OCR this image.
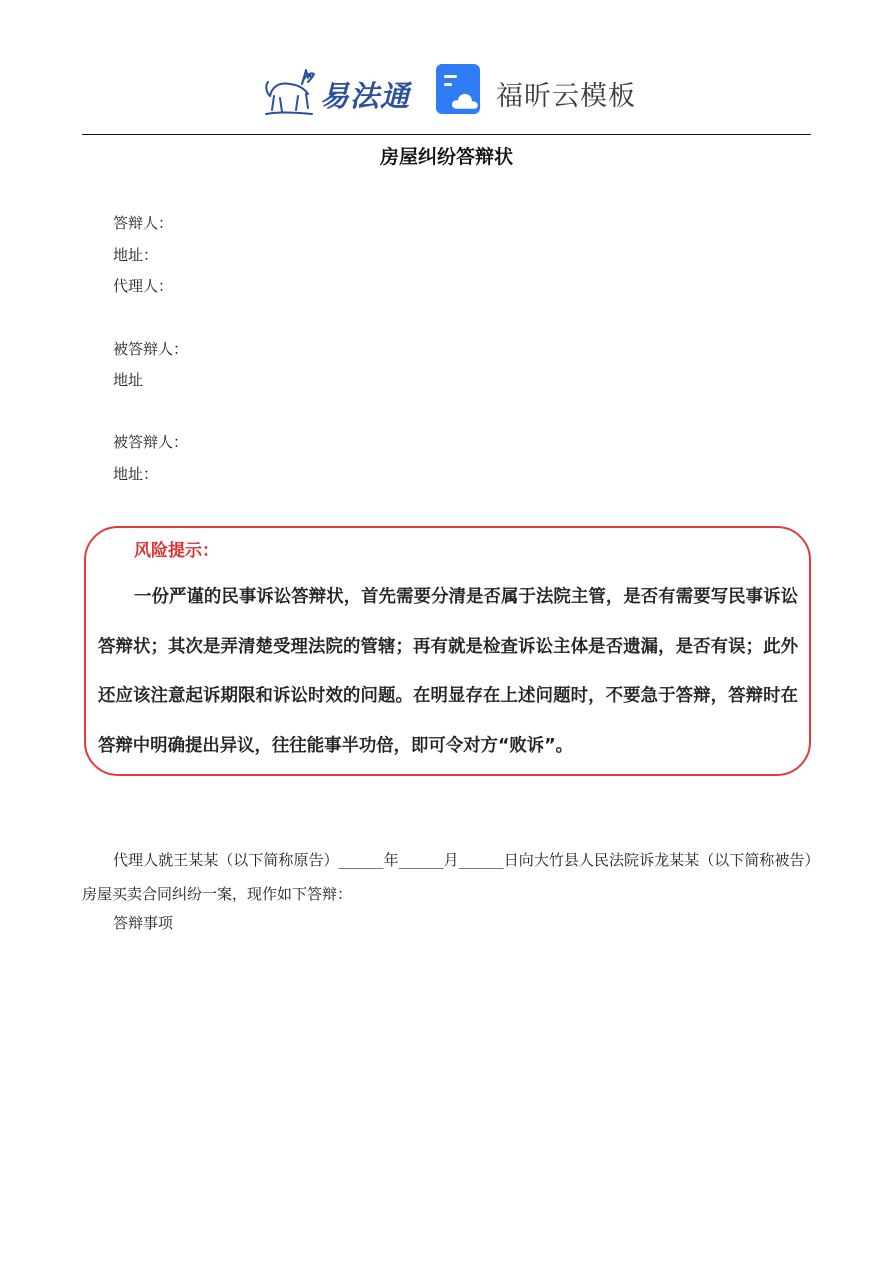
易法通	福昕云模板
房屋纠纷答辩状
答辩人：
地址：
代理人：
被答辩人：
地址
被答辩人：
地址：
风险提示：

一份严谨的民事诉讼答辩状，首先需要分清是否属于法院主管，是否有需要写民事诉讼答辩状；其次是弄清楚受理法院的管辖；再有就是检查诉讼主体是否遗漏，是否有误；此外还应该注意起诉期限和诉讼时效的问题。在明显存在上述问题时，不要急于答辩，答辩时在答辩中明确提出异议，往往能事半功倍，即可令对方“败诉”。

代理人就王某某（以下简称原告）______年______月______日向大竹县人民法院诉龙某某（以下简称被告）房屋买卖合同纠纷一案，现作如下答辩：

答辩事项
